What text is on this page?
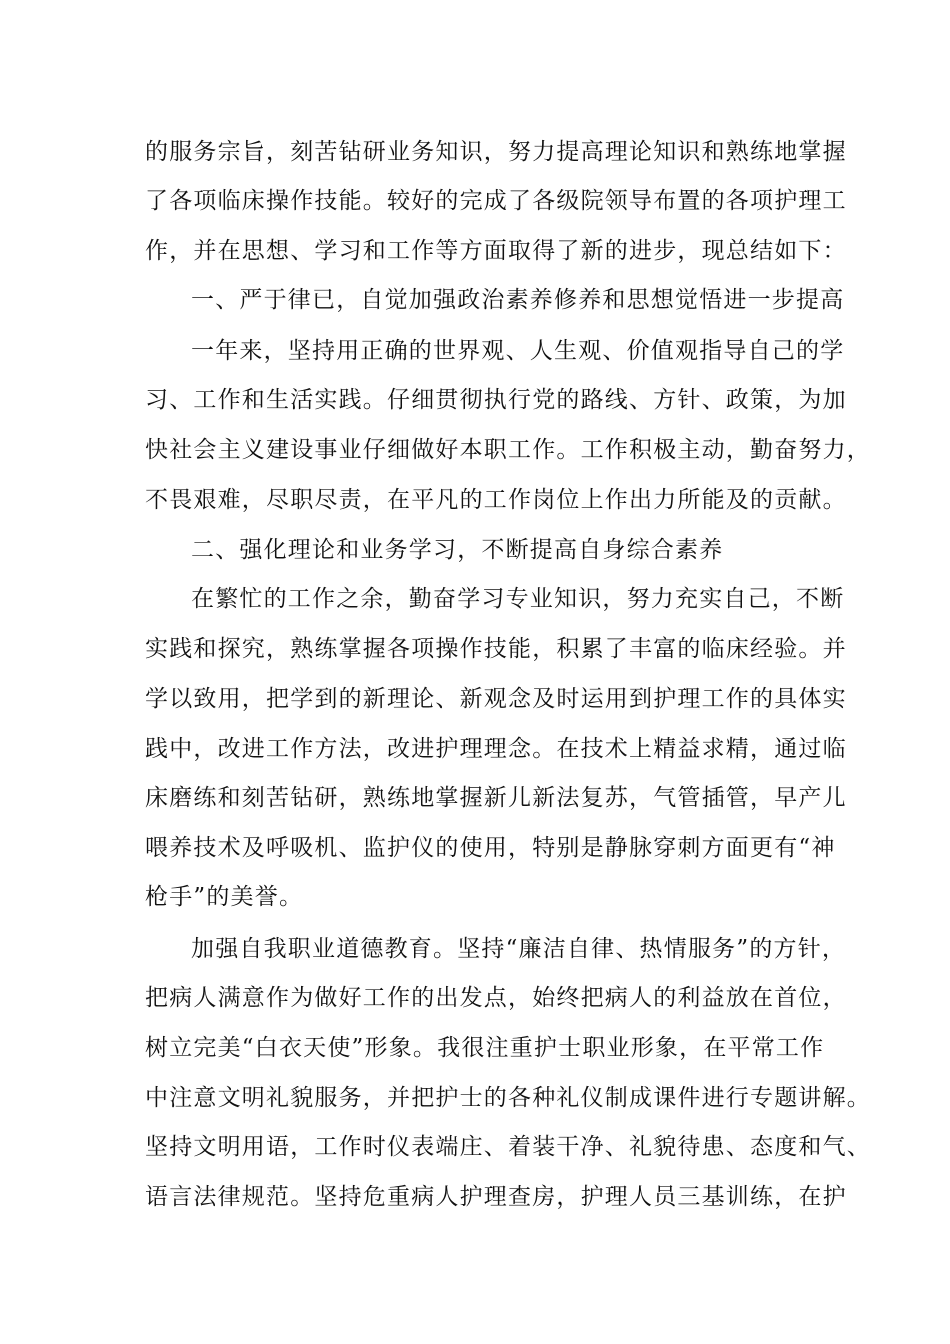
的服务宗旨，刻苦钻研业务知识，努力提高理论知识和熟练地掌握
了各项临床操作技能。较好的完成了各级院领导布置的各项护理工
作，并在思想、学习和工作等方面取得了新的进步，现总结如下：
一、严于律已，自觉加强政治素养修养和思想觉悟进一步提高
一年来，坚持用正确的世界观、人生观、价值观指导自己的学
习、工作和生活实践。仔细贯彻执行党的路线、方针、政策，为加
快社会主义建设事业仔细做好本职工作。工作积极主动，勤奋努力，
不畏艰难，尽职尽责，在平凡的工作岗位上作出力所能及的贡献。
二、强化理论和业务学习，不断提高自身综合素养
在繁忙的工作之余，勤奋学习专业知识，努力充实自己，不断
实践和探究，熟练掌握各项操作技能，积累了丰富的临床经验。并
学以致用，把学到的新理论、新观念及时运用到护理工作的具体实
践中，改进工作方法，改进护理理念。在技术上精益求精，通过临
床磨练和刻苦钻研，熟练地掌握新儿新法复苏，气管插管，早产儿
喂养技术及呼吸机、监护仪的使用，特别是静脉穿刺方面更有“神
枪手”的美誉。
加强自我职业道德教育。坚持“廉洁自律、热情服务”的方针，
把病人满意作为做好工作的出发点，始终把病人的利益放在首位，
树立完美“白衣天使”形象。我很注重护士职业形象，在平常工作
中注意文明礼貌服务，并把护士的各种礼仪制成课件进行专题讲解。
坚持文明用语，工作时仪表端庄、着装干净、礼貌待患、态度和气、
语言法律规范。坚持危重病人护理查房，护理人员三基训练，在护
